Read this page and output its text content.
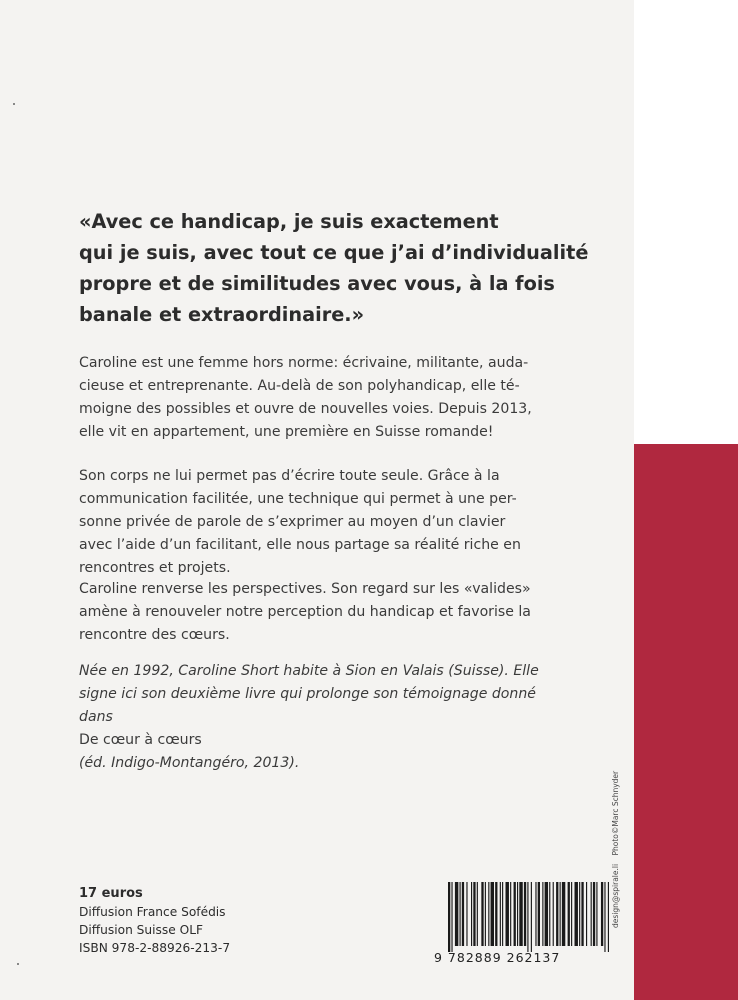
«Avec ce handicap, je suis exactement
qui je suis, avec tout ce que j’ai d’individualité
propre et de similitudes avec vous, à la fois
banale et extraordinaire.»

Caroline est une femme hors norme: écrivaine, militante, auda-
cieuse et entreprenante. Au-delà de son polyhandicap, elle té-
moigne des possibles et ouvre de nouvelles voies. Depuis 2013,
elle vit en appartement, une première en Suisse romande!

Son corps ne lui permet pas d’écrire toute seule. Grâce à la
communication facilitée, une technique qui permet à une per-
sonne privée de parole de s’exprimer au moyen d’un clavier
avec l’aide d’un facilitant, elle nous partage sa réalité riche en
rencontres et projets.

Caroline renverse les perspectives. Son regard sur les «valides»
amène à renouveler notre perception du handicap et favorise la
rencontre des cœurs.

Née en 1992, Caroline Short habite à Sion en Valais (Suisse). Elle
signe ici son deuxième livre qui prolonge son témoignage donné
dans
De cœur à cœurs
(éd. Indigo-Montangéro, 2013).

17 euros
Diffusion France Sofédis
Diffusion Suisse OLF
ISBN 978-2-88926-213-7
9 782889 262137
design@spirale.li Photo©Marc Schnyder
